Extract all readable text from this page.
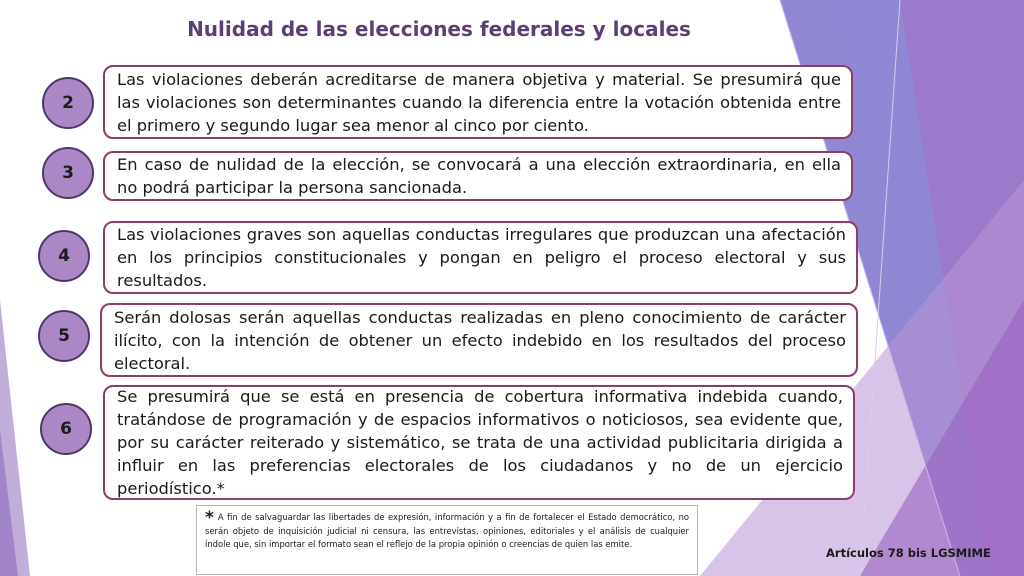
Nulidad de las elecciones federales y locales
2

Las violaciones deberán acreditarse de manera objetiva y material. Se presumirá que las violaciones son determinantes cuando la diferencia entre la votación obtenida entre el primero y segundo lugar sea menor al cinco por ciento.

3	En caso de nulidad de la elección, se convocará a una elección extraordinaria, en ella no podrá participar la persona sancionada.

4

Las violaciones graves son aquellas conductas irregulares que produzcan una afectación en los principios constitucionales y pongan en peligro el proceso electoral y sus resultados.

5

Serán dolosas serán aquellas conductas realizadas en pleno conocimiento de carácter ilícito, con la intención de obtener un efecto indebido en los resultados del proceso electoral.

6

Se presumirá que se está en presencia de cobertura informativa indebida cuando, tratándose de programación y de espacios informativos o noticiosos, sea evidente que, por su carácter reiterado y sistemático, se trata de una actividad publicitaria dirigida a influir en las preferencias electorales de los ciudadanos y no de un ejercicio periodístico.*

* A fin de salvaguardar las libertades de expresión, información y a fin de fortalecer el Estado democrático, no serán objeto de inquisición judicial ni censura, las entrevistas, opiniones, editoriales y el análisis de cualquier índole que, sin importar el formato sean el reflejo de la propia opinión o creencias de quien las emite.
Artículos 78 bis LGSMIME
